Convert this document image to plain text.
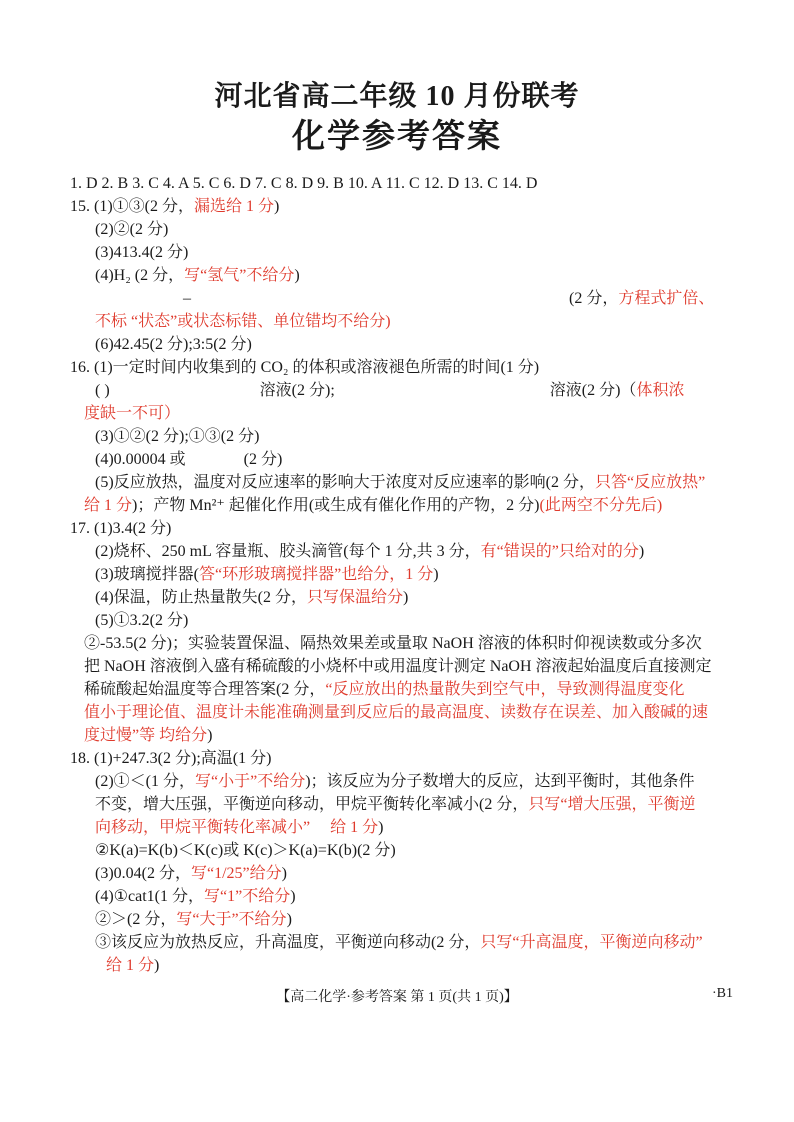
河北省高二年级 10 月份联考
化学参考答案
1. D 2. B 3. C 4. A 5. C 6. D 7. C 8. D 9. B 10. A 11. C 12. D 13. C 14. D
15. (1)①③(2 分，漏选给 1 分)
(2)②(2 分)
(3)413.4(2 分)
(4)H₂ (2 分，写“氢气”不给分)
–	(2 分，方程式扩倍、
不标 “状态”或状态标错、单位错均不给分)
(6)42.45(2 分);3:5(2 分)
16. (1)一定时间内收集到的 CO₂ 的体积或溶液褪色所需的时间(1 分)
( )	溶液(2 分);	溶液(2 分)（体积浓
度缺一不可）
(3)①②(2 分);①③(2 分)
(4)0.00004 或	(2 分)
(5)反应放热，温度对反应速率的影响大于浓度对反应速率的影响(2 分，只答“反应放热”
给 1 分)；产物 Mn²⁺ 起催化作用(或生成有催化作用的产物，2 分)(此两空不分先后)
17. (1)3.4(2 分)
(2)烧杯、250 mL 容量瓶、胶头滴管(每个 1 分,共 3 分，有“错误的”只给对的分)
(3)玻璃搅拌器(答“环形玻璃搅拌器”也给分，1 分)
(4)保温，防止热量散失(2 分，只写保温给分)
(5)①3.2(2 分)
②-53.5(2 分)；实验装置保温、隔热效果差或量取 NaOH 溶液的体积时仰视读数或分多次
把 NaOH 溶液倒入盛有稀硫酸的小烧杯中或用温度计测定 NaOH 溶液起始温度后直接测定
稀硫酸起始温度等合理答案(2 分，“反应放出的热量散失到空气中，导致测得温度变化
值小于理论值、温度计未能准确测量到反应后的最高温度、读数存在误差、加入酸碱的速
度过慢”等 均给分)
18. (1)+247.3(2 分);高温(1 分)
(2)①＜(1 分，写“小于”不给分)；该反应为分子数增大的反应，达到平衡时，其他条件
不变，增大压强，平衡逆向移动，甲烷平衡转化率减小(2 分，只写“增大压强，平衡逆
向移动，甲烷平衡转化率减小”　 给 1 分)
②K(a)=K(b)＜K(c)或 K(c)＞K(a)=K(b)(2 分)
(3)0.04(2 分，写“1/25”给分)
(4)①cat1(1 分，写“1”不给分)
②＞(2 分，写“大于”不给分)
③该反应为放热反应，升高温度，平衡逆向移动(2 分，只写“升高温度，平衡逆向移动”
给 1 分)
【高二化学·参考答案 第 1 页(共 1 页)】	·B1
